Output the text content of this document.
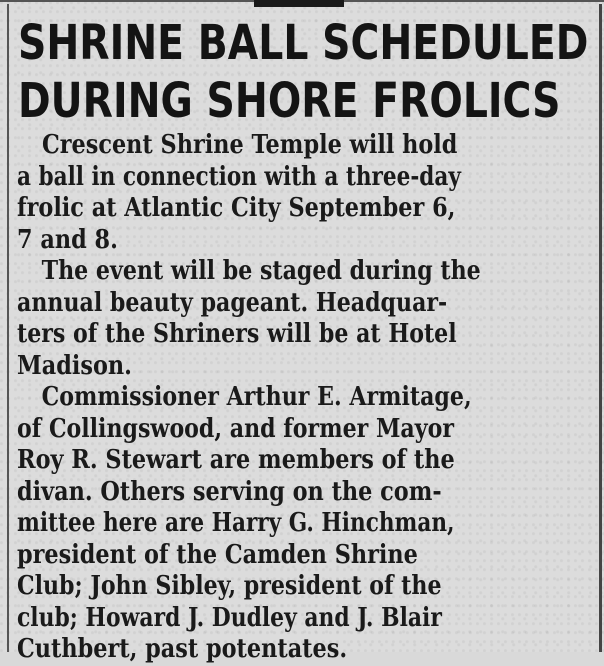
SHRINE BALL SCHEDULED
DURING SHORE FROLICS
Crescent Shrine Temple will hold
a ball in connection with a three-day
frolic at Atlantic City September 6,
7 and 8.
The event will be staged during the
annual beauty pageant. Headquar-
ters of the Shriners will be at Hotel
Madison.
Commissioner Arthur E. Armitage,
of Collingswood, and former Mayor
Roy R. Stewart are members of the
divan. Others serving on the com-
mittee here are Harry G. Hinchman,
president of the Camden Shrine
Club; John Sibley, president of the
club; Howard J. Dudley and J. Blair
Cuthbert, past potentates.
